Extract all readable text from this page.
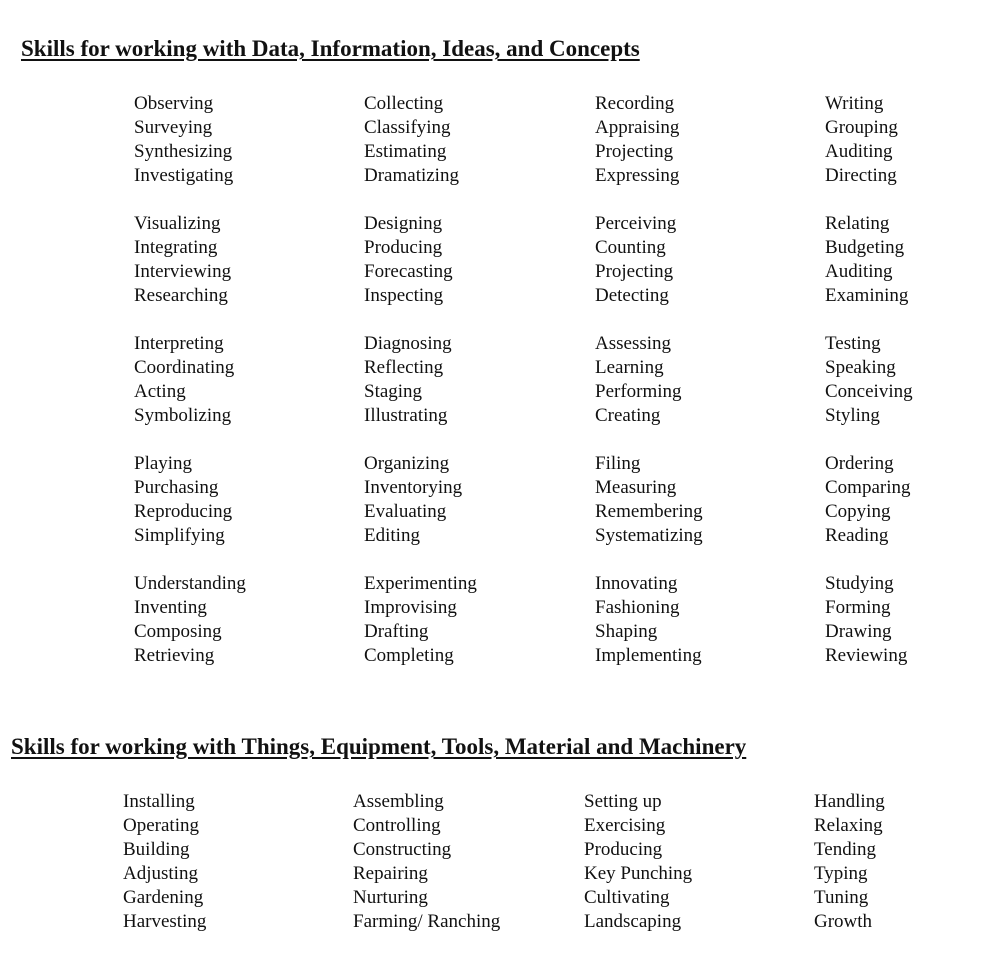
Skills for working with Data, Information, Ideas, and Concepts
Observing
Surveying
Synthesizing
Investigating
Visualizing
Integrating
Interviewing
Researching
Interpreting
Coordinating
Acting
Symbolizing
Playing
Purchasing
Reproducing
Simplifying
Understanding
Inventing
Composing
Retrieving
Collecting
Classifying
Estimating
Dramatizing
Designing
Producing
Forecasting
Inspecting
Diagnosing
Reflecting
Staging
Illustrating
Organizing
Inventorying
Evaluating
Editing
Experimenting
Improvising
Drafting
Completing
Recording
Appraising
Projecting
Expressing
Perceiving
Counting
Projecting
Detecting
Assessing
Learning
Performing
Creating
Filing
Measuring
Remembering
Systematizing
Innovating
Fashioning
Shaping
Implementing
Writing
Grouping
Auditing
Directing
Relating
Budgeting
Auditing
Examining
Testing
Speaking
Conceiving
Styling
Ordering
Comparing
Copying
Reading
Studying
Forming
Drawing
Reviewing
Skills for working with Things, Equipment, Tools, Material and Machinery
Installing
Operating
Building
Adjusting
Gardening
Harvesting
Assembling
Controlling
Constructing
Repairing
Nurturing
Farming/ Ranching
Setting up
Exercising
Producing
Key Punching
Cultivating
Landscaping
Handling
Relaxing
Tending
Typing
Tuning
Growth
